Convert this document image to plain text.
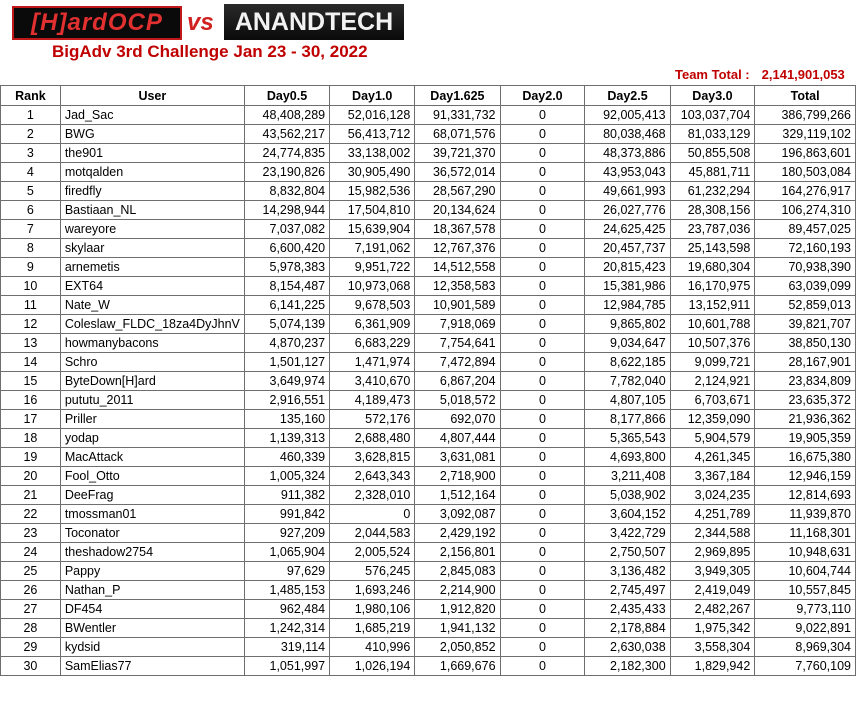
[H]ardOCP vs ANANDTECH
BigAdv 3rd Challenge Jan 23 - 30, 2022
Team Total : 2,141,901,053
Rank	User	Day0.5	Day1.0	Day1.625	Day2.0	Day2.5	Day3.0	Total
1	Jad_Sac	48,408,289	52,016,128	91,331,732	0	92,005,413	103,037,704	386,799,266
2	BWG	43,562,217	56,413,712	68,071,576	0	80,038,468	81,033,129	329,119,102
3	the901	24,774,835	33,138,002	39,721,370	0	48,373,886	50,855,508	196,863,601
4	motqalden	23,190,826	30,905,490	36,572,014	0	43,953,043	45,881,711	180,503,084
5	firedfly	8,832,804	15,982,536	28,567,290	0	49,661,993	61,232,294	164,276,917
6	Bastiaan_NL	14,298,944	17,504,810	20,134,624	0	26,027,776	28,308,156	106,274,310
7	wareyore	7,037,082	15,639,904	18,367,578	0	24,625,425	23,787,036	89,457,025
8	skylaar	6,600,420	7,191,062	12,767,376	0	20,457,737	25,143,598	72,160,193
9	arnemetis	5,978,383	9,951,722	14,512,558	0	20,815,423	19,680,304	70,938,390
10	EXT64	8,154,487	10,973,068	12,358,583	0	15,381,986	16,170,975	63,039,099
11	Nate_W	6,141,225	9,678,503	10,901,589	0	12,984,785	13,152,911	52,859,013
12	Coleslaw_FLDC_18za4DyJhnV	5,074,139	6,361,909	7,918,069	0	9,865,802	10,601,788	39,821,707
13	howmanybacons	4,870,237	6,683,229	7,754,641	0	9,034,647	10,507,376	38,850,130
14	Schro	1,501,127	1,471,974	7,472,894	0	8,622,185	9,099,721	28,167,901
15	ByteDown[H]ard	3,649,974	3,410,670	6,867,204	0	7,782,040	2,124,921	23,834,809
16	pututu_2011	2,916,551	4,189,473	5,018,572	0	4,807,105	6,703,671	23,635,372
17	Priller	135,160	572,176	692,070	0	8,177,866	12,359,090	21,936,362
18	yodap	1,139,313	2,688,480	4,807,444	0	5,365,543	5,904,579	19,905,359
19	MacAttack	460,339	3,628,815	3,631,081	0	4,693,800	4,261,345	16,675,380
20	Fool_Otto	1,005,324	2,643,343	2,718,900	0	3,211,408	3,367,184	12,946,159
21	DeeFrag	911,382	2,328,010	1,512,164	0	5,038,902	3,024,235	12,814,693
22	tmossman01	991,842	0	3,092,087	0	3,604,152	4,251,789	11,939,870
23	Toconator	927,209	2,044,583	2,429,192	0	3,422,729	2,344,588	11,168,301
24	theshadow2754	1,065,904	2,005,524	2,156,801	0	2,750,507	2,969,895	10,948,631
25	Pappy	97,629	576,245	2,845,083	0	3,136,482	3,949,305	10,604,744
26	Nathan_P	1,485,153	1,693,246	2,214,900	0	2,745,497	2,419,049	10,557,845
27	DF454	962,484	1,980,106	1,912,820	0	2,435,433	2,482,267	9,773,110
28	BWentler	1,242,314	1,685,219	1,941,132	0	2,178,884	1,975,342	9,022,891
29	kydsid	319,114	410,996	2,050,852	0	2,630,038	3,558,304	8,969,304
30	SamElias77	1,051,997	1,026,194	1,669,676	0	2,182,300	1,829,942	7,760,109
